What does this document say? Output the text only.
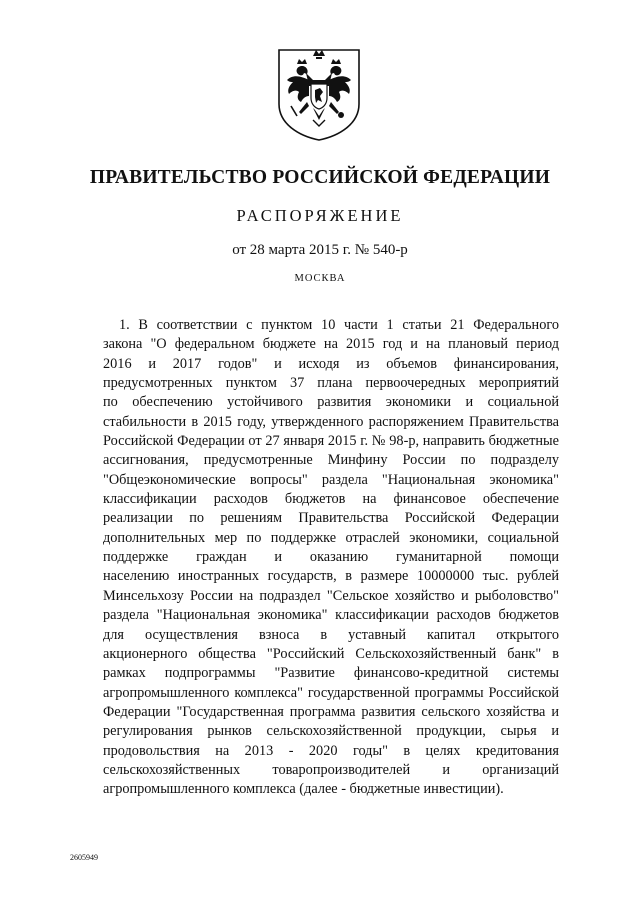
ПРАВИТЕЛЬСТВО РОССИЙСКОЙ ФЕДЕРАЦИИ
РАСПОРЯЖЕНИЕ
от 28 марта 2015 г. № 540-р
МОСКВА
1. В соответствии с пунктом 10 части 1 статьи 21 Федерального
закона "О федеральном бюджете на 2015 год и на плановый период
2016 и 2017 годов" и исходя из объемов финансирования,
предусмотренных пунктом 37 плана первоочередных мероприятий
по обеспечению устойчивого развития экономики и социальной
стабильности в 2015 году, утвержденного распоряжением Правительства
Российской Федерации от 27 января 2015 г. № 98-р, направить бюджетные
ассигнования, предусмотренные Минфину России по подразделу
"Общеэкономические вопросы" раздела "Национальная экономика"
классификации расходов бюджетов на финансовое обеспечение
реализации по решениям Правительства Российской Федерации
дополнительных мер по поддержке отраслей экономики, социальной
поддержке граждан и оказанию гуманитарной помощи
населению иностранных государств, в размере 10000000 тыс. рублей
Минсельхозу России на подраздел "Сельское хозяйство и рыболовство"
раздела "Национальная экономика" классификации расходов бюджетов
для осуществления взноса в уставный капитал открытого
акционерного общества "Российский Сельскохозяйственный банк" в
рамках подпрограммы "Развитие финансово-кредитной системы
агропромышленного комплекса" государственной программы Российской
Федерации "Государственная программа развития сельского хозяйства и
регулирования рынков сельскохозяйственной продукции, сырья и
продовольствия на 2013 - 2020 годы" в целях кредитования
сельскохозяйственных товаропроизводителей и организаций
агропромышленного комплекса (далее - бюджетные инвестиции).
2605949
